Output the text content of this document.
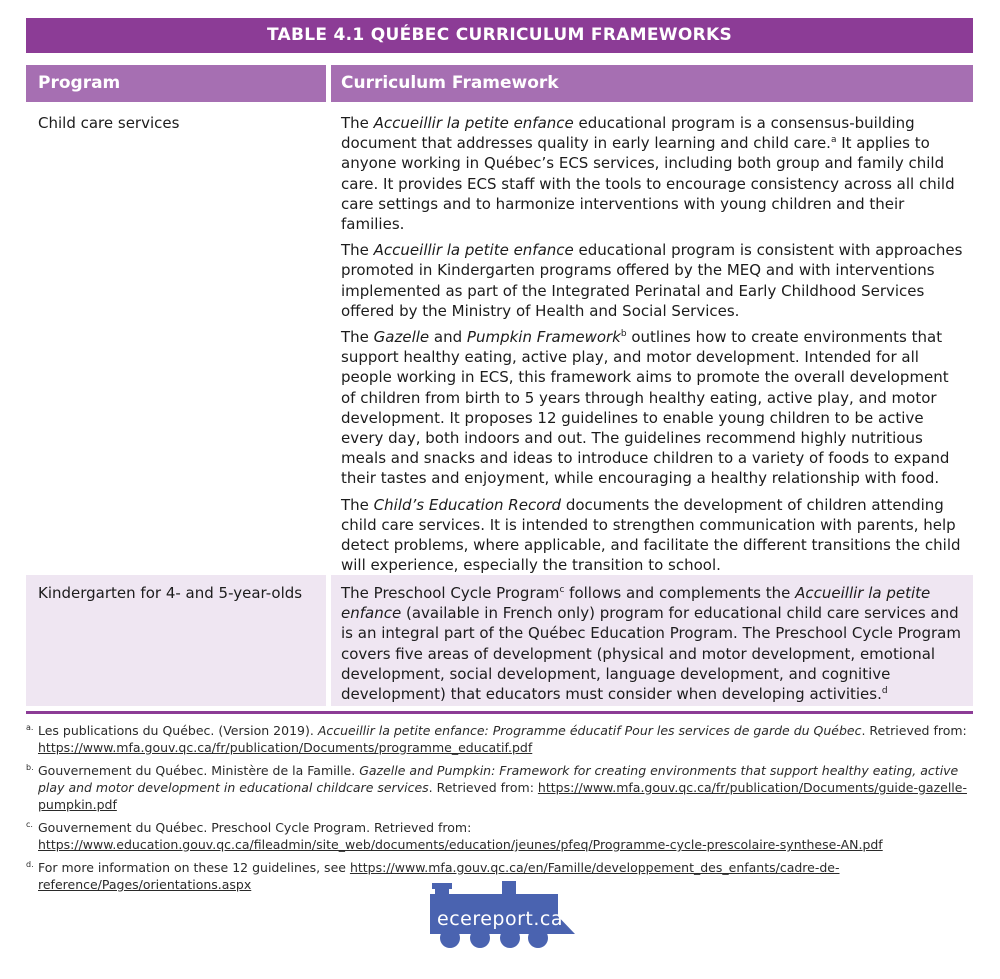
TABLE 4.1 QUÉBEC CURRICULUM FRAMEWORKS
Program	Curriculum Framework
Child care services	The Accueillir la petite enfance educational program is a consensus-building document that addresses quality in early learning and child care.$^a$ It applies to anyone working in Québec’s ECS services, including both group and family child care. It provides ECS staff with the tools to encourage consistency across all child care settings and to harmonize interventions with young children and their families.

The Accueillir la petite enfance educational program is consistent with approaches promoted in Kindergarten programs offered by the MEQ and with interventions implemented as part of the Integrated Perinatal and Early Childhood Services offered by the Ministry of Health and Social Services.

The Gazelle and Pumpkin Framework$^b$ outlines how to create environments that support healthy eating, active play, and motor development. Intended for all people working in ECS, this framework aims to promote the overall development of children from birth to 5 years through healthy eating, active play, and motor development. It proposes 12 guidelines to enable young children to be active every day, both indoors and out. The guidelines recommend highly nutritious meals and snacks and ideas to introduce children to a variety of foods to expand their tastes and enjoyment, while encouraging a healthy relationship with food.

The Child’s Education Record documents the development of children attending child care services. It is intended to strengthen communication with parents, help detect problems, where applicable, and facilitate the different transitions the child will experience, especially the transition to school.

Kindergarten for 4- and 5-year-olds	The Preschool Cycle Program$^c$ follows and complements the Accueillir la petite enfance (available in French only) program for educational child care services and is an integral part of the Québec Education Program. The Preschool Cycle Program covers five areas of development (physical and motor development, emotional development, social development, language development, and cognitive development) that educators must consider when developing activities.$^d$

a. Les publications du Québec. (Version 2019). Accueillir la petite enfance: Programme éducatif Pour les services de garde du Québec. Retrieved from: https://www.mfa.gouv.qc.ca/fr/publication/Documents/programme_educatif.pdf
b. Gouvernement du Québec. Ministère de la Famille. Gazelle and Pumpkin: Framework for creating environments that support healthy eating, active play and motor development in educational childcare services. Retrieved from: https://www.mfa.gouv.qc.ca/fr/publication/Documents/guide-gazelle-pumpkin.pdf
c. Gouvernement du Québec. Preschool Cycle Program. Retrieved from: https://www.education.gouv.qc.ca/fileadmin/site_web/documents/education/jeunes/pfeq/Programme-cycle-prescolaire-synthese-AN.pdf
d. For more information on these 12 guidelines, see https://www.mfa.gouv.qc.ca/en/Famille/developpement_des_enfants/cadre-de-reference/Pages/orientations.aspx
ecereport.ca
